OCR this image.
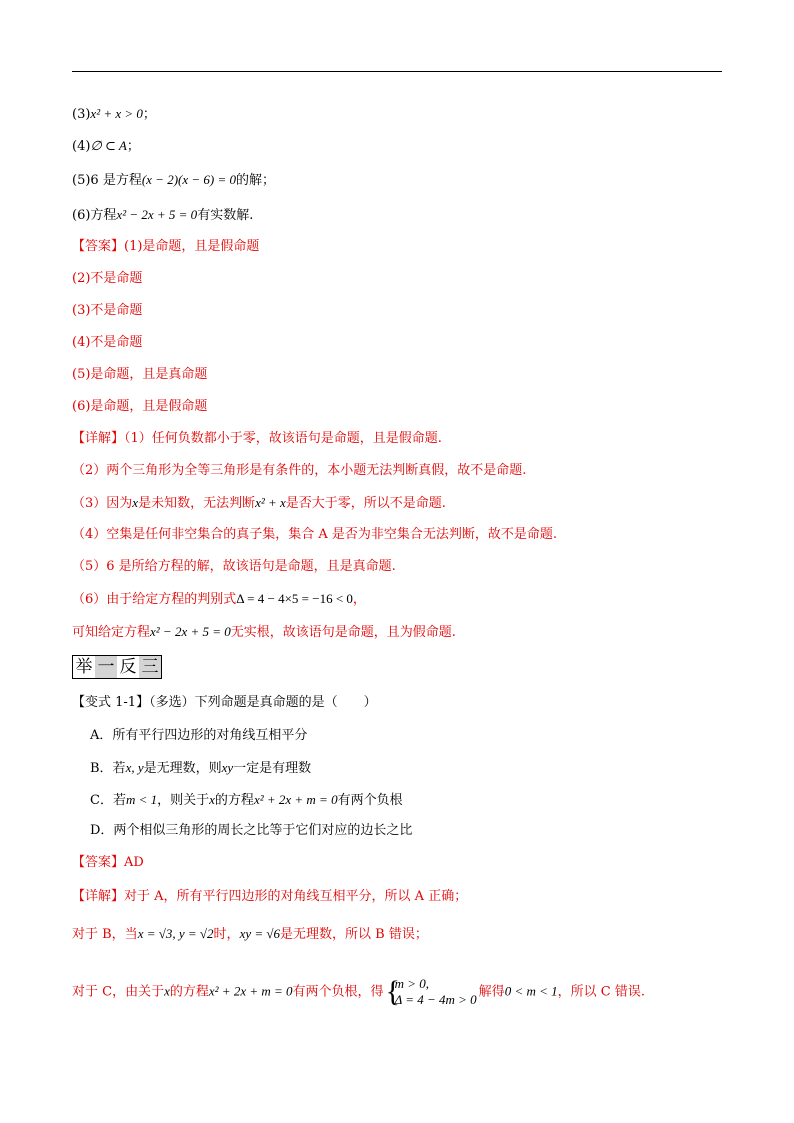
(3)x² + x > 0；
(4)∅ ⊂ A；
(5)6 是方程(x − 2)(x − 6) = 0的解；
(6)方程x² − 2x + 5 = 0有实数解.
【答案】(1)是命题，且是假命题
(2)不是命题
(3)不是命题
(4)不是命题
(5)是命题，且是真命题
(6)是命题，且是假命题
【详解】（1）任何负数都小于零，故该语句是命题，且是假命题.
（2）两个三角形为全等三角形是有条件的，本小题无法判断真假，故不是命题.
（3）因为x是未知数，无法判断x² + x是否大于零，所以不是命题.
（4）空集是任何非空集合的真子集，集合 A 是否为非空集合无法判断，故不是命题.
（5）6 是所给方程的解，故该语句是命题，且是真命题.
（6）由于给定方程的判别式Δ = 4 − 4×5 = −16 < 0，
可知给定方程x² − 2x + 5 = 0无实根，故该语句是命题，且为假命题.
举 一 反 三
【变式 1-1】（多选）下列命题是真命题的是（　　）
A．所有平行四边形的对角线互相平分
B．若x, y是无理数，则xy一定是有理数
C．若m < 1，则关于x的方程x² + 2x + m = 0有两个负根
D．两个相似三角形的周长之比等于它们对应的边长之比
【答案】AD
【详解】对于 A，所有平行四边形的对角线互相平分，所以 A 正确；
对于 B，当x = √3, y = √2时，xy = √6是无理数，所以 B 错误；
对于 C，由关于x的方程x² + 2x + m = 0有两个负根，得 {
m > 0,
Δ = 4 − 4m > 0 解得0 < m < 1，所以 C 错误.
